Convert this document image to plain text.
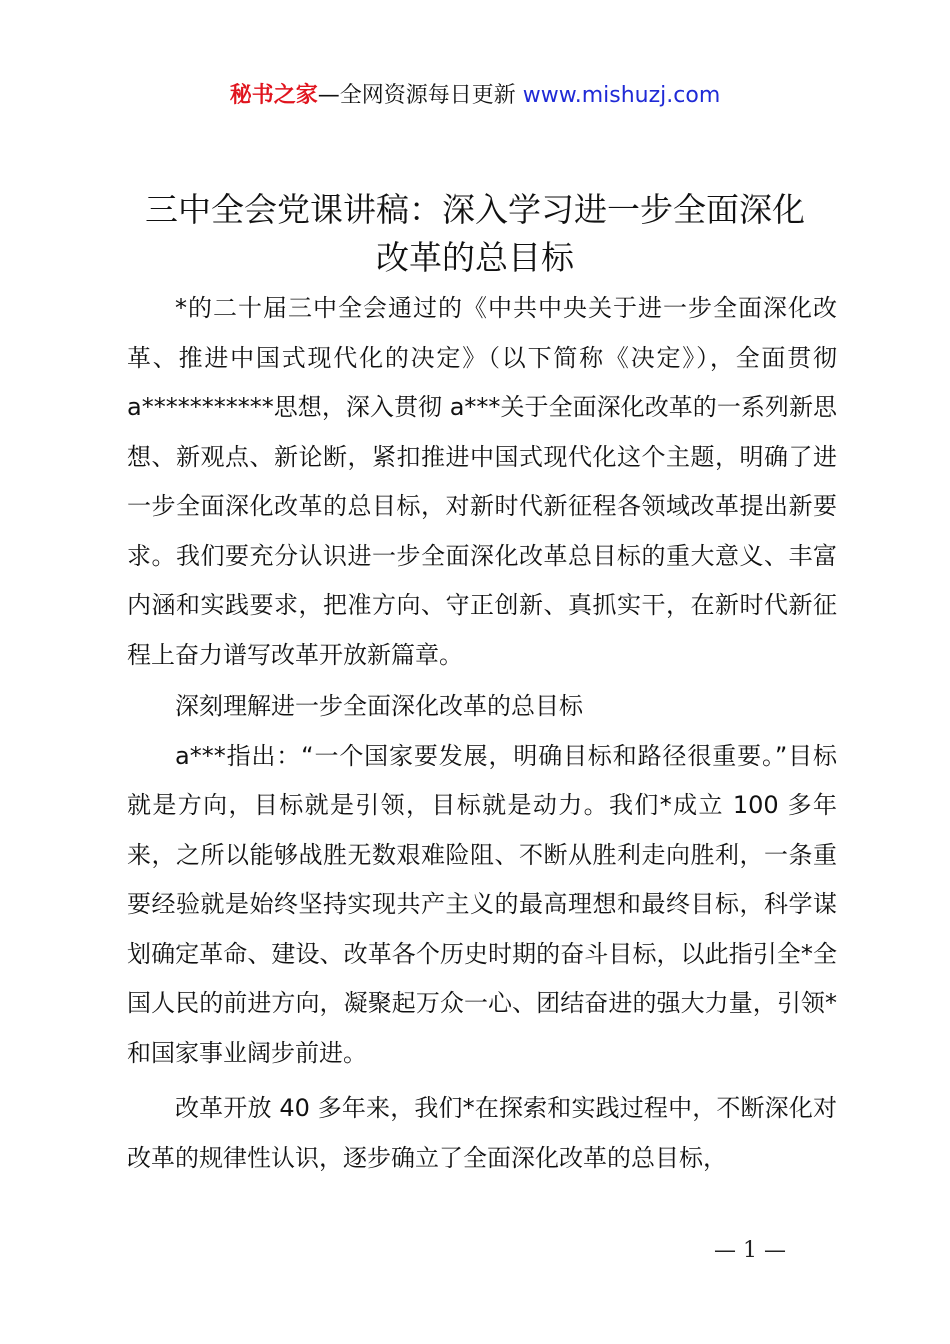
秘书之家—全网资源每日更新 www.mishuzj.com
三中全会党课讲稿：深入学习进一步全面深化
改革的总目标

*的二十届三中全会通过的《中共中央关于进一步全面深化改革、推进中国式现代化的决定》（以下简称《决定》），全面贯彻 a***********思想，深入贯彻 a***关于全面深化改革的一系列新思想、新观点、新论断，紧扣推进中国式现代化这个主题，明确了进一步全面深化改革的总目标，对新时代新征程各领域改革提出新要求。我们要充分认识进一步全面深化改革总目标的重大意义、丰富内涵和实践要求，把准方向、守正创新、真抓实干，在新时代新征程上奋力谱写改革开放新篇章。

深刻理解进一步全面深化改革的总目标

a***指出：“一个国家要发展，明确目标和路径很重要。”目标就是方向，目标就是引领，目标就是动力。我们*成立 100 多年来，之所以能够战胜无数艰难险阻、不断从胜利走向胜利，一条重要经验就是始终坚持实现共产主义的最高理想和最终目标，科学谋划确定革命、建设、改革各个历史时期的奋斗目标，以此指引全*全国人民的前进方向，凝聚起万众一心、团结奋进的强大力量，引领*和国家事业阔步前进。

改革开放 40 多年来，我们*在探索和实践过程中，不断深化对改革的规律性认识，逐步确立了全面深化改革的总目标，

— 1 —
